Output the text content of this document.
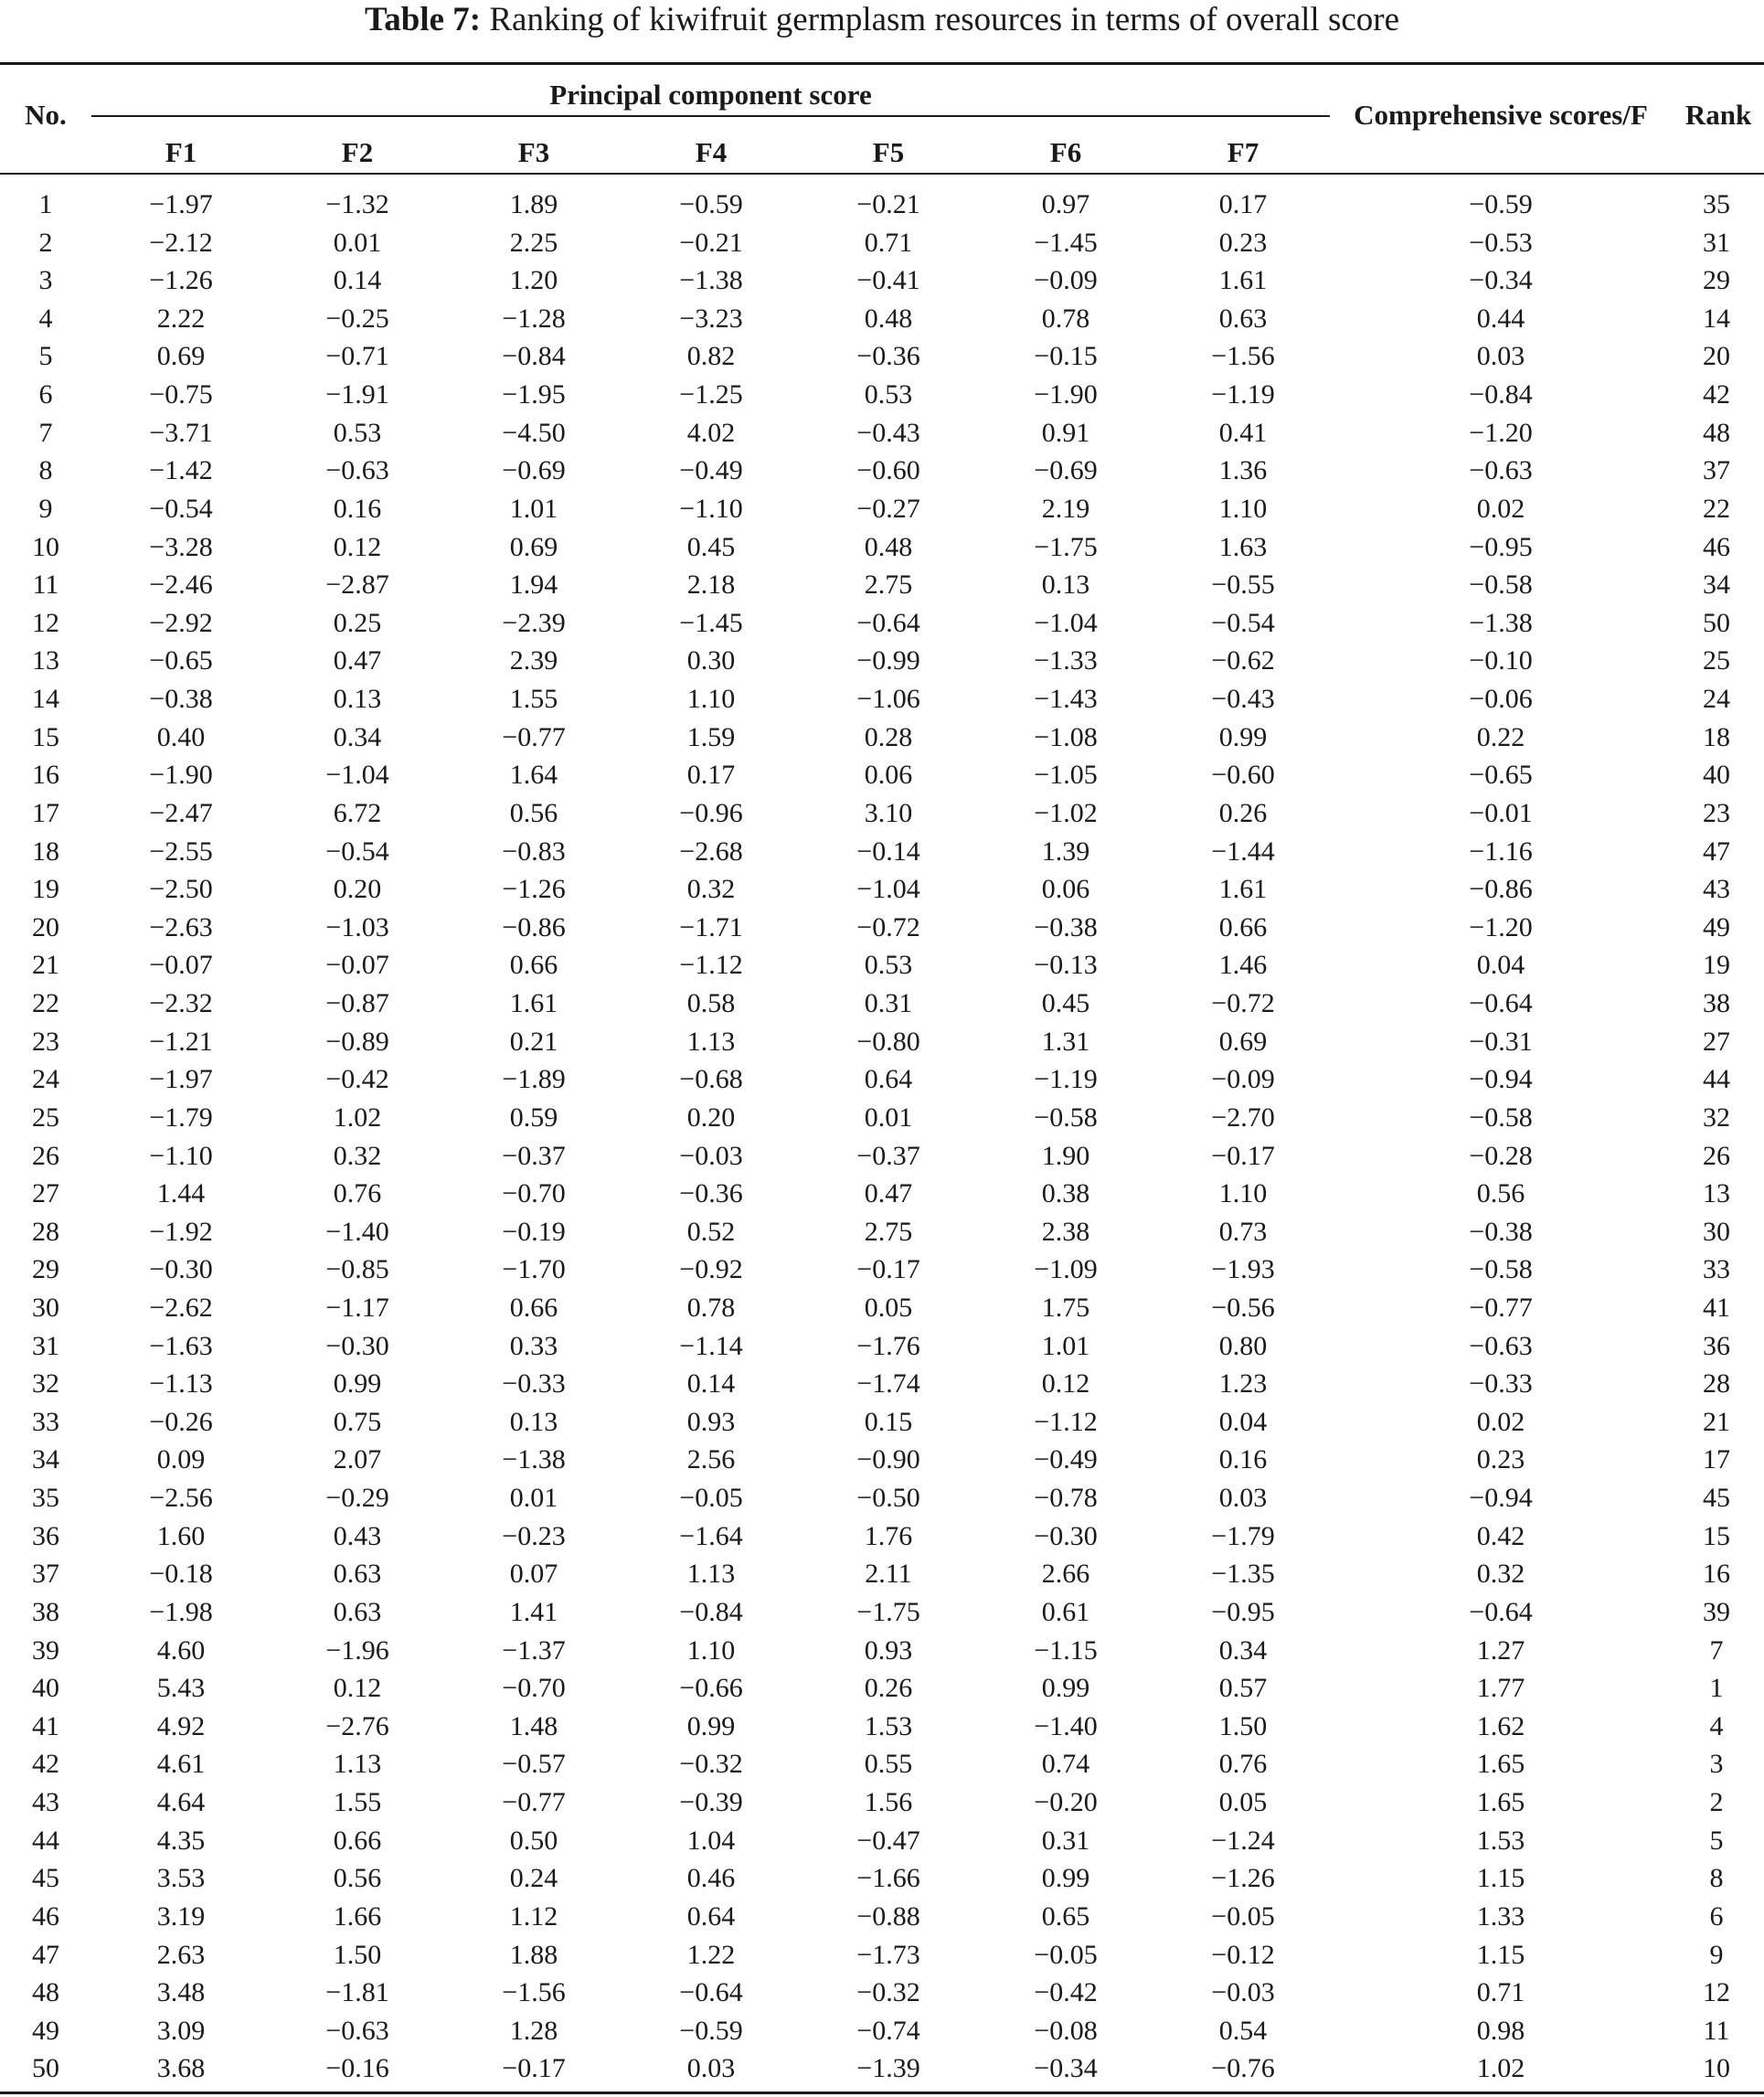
Table 7: Ranking of kiwifruit germplasm resources in terms of overall score
No.
Principal component score
F1	F2	F3	F4	F5	F6	F7
Comprehensive scores/F	Rank
1	−1.97	−1.32	1.89	−0.59	−0.21	0.97	0.17	−0.59	35
2	−2.12	0.01	2.25	−0.21	0.71	−1.45	0.23	−0.53	31
3	−1.26	0.14	1.20	−1.38	−0.41	−0.09	1.61	−0.34	29
4	2.22	−0.25	−1.28	−3.23	0.48	0.78	0.63	0.44	14
5	0.69	−0.71	−0.84	0.82	−0.36	−0.15	−1.56	0.03	20
6	−0.75	−1.91	−1.95	−1.25	0.53	−1.90	−1.19	−0.84	42
7	−3.71	0.53	−4.50	4.02	−0.43	0.91	0.41	−1.20	48
8	−1.42	−0.63	−0.69	−0.49	−0.60	−0.69	1.36	−0.63	37
9	−0.54	0.16	1.01	−1.10	−0.27	2.19	1.10	0.02	22
10	−3.28	0.12	0.69	0.45	0.48	−1.75	1.63	−0.95	46
11	−2.46	−2.87	1.94	2.18	2.75	0.13	−0.55	−0.58	34
12	−2.92	0.25	−2.39	−1.45	−0.64	−1.04	−0.54	−1.38	50
13	−0.65	0.47	2.39	0.30	−0.99	−1.33	−0.62	−0.10	25
14	−0.38	0.13	1.55	1.10	−1.06	−1.43	−0.43	−0.06	24
15	0.40	0.34	−0.77	1.59	0.28	−1.08	0.99	0.22	18
16	−1.90	−1.04	1.64	0.17	0.06	−1.05	−0.60	−0.65	40
17	−2.47	6.72	0.56	−0.96	3.10	−1.02	0.26	−0.01	23
18	−2.55	−0.54	−0.83	−2.68	−0.14	1.39	−1.44	−1.16	47
19	−2.50	0.20	−1.26	0.32	−1.04	0.06	1.61	−0.86	43
20	−2.63	−1.03	−0.86	−1.71	−0.72	−0.38	0.66	−1.20	49
21	−0.07	−0.07	0.66	−1.12	0.53	−0.13	1.46	0.04	19
22	−2.32	−0.87	1.61	0.58	0.31	0.45	−0.72	−0.64	38
23	−1.21	−0.89	0.21	1.13	−0.80	1.31	0.69	−0.31	27
24	−1.97	−0.42	−1.89	−0.68	0.64	−1.19	−0.09	−0.94	44
25	−1.79	1.02	0.59	0.20	0.01	−0.58	−2.70	−0.58	32
26	−1.10	0.32	−0.37	−0.03	−0.37	1.90	−0.17	−0.28	26
27	1.44	0.76	−0.70	−0.36	0.47	0.38	1.10	0.56	13
28	−1.92	−1.40	−0.19	0.52	2.75	2.38	0.73	−0.38	30
29	−0.30	−0.85	−1.70	−0.92	−0.17	−1.09	−1.93	−0.58	33
30	−2.62	−1.17	0.66	0.78	0.05	1.75	−0.56	−0.77	41
31	−1.63	−0.30	0.33	−1.14	−1.76	1.01	0.80	−0.63	36
32	−1.13	0.99	−0.33	0.14	−1.74	0.12	1.23	−0.33	28
33	−0.26	0.75	0.13	0.93	0.15	−1.12	0.04	0.02	21
34	0.09	2.07	−1.38	2.56	−0.90	−0.49	0.16	0.23	17
35	−2.56	−0.29	0.01	−0.05	−0.50	−0.78	0.03	−0.94	45
36	1.60	0.43	−0.23	−1.64	1.76	−0.30	−1.79	0.42	15
37	−0.18	0.63	0.07	1.13	2.11	2.66	−1.35	0.32	16
38	−1.98	0.63	1.41	−0.84	−1.75	0.61	−0.95	−0.64	39
39	4.60	−1.96	−1.37	1.10	0.93	−1.15	0.34	1.27	7
40	5.43	0.12	−0.70	−0.66	0.26	0.99	0.57	1.77	1
41	4.92	−2.76	1.48	0.99	1.53	−1.40	1.50	1.62	4
42	4.61	1.13	−0.57	−0.32	0.55	0.74	0.76	1.65	3
43	4.64	1.55	−0.77	−0.39	1.56	−0.20	0.05	1.65	2
44	4.35	0.66	0.50	1.04	−0.47	0.31	−1.24	1.53	5
45	3.53	0.56	0.24	0.46	−1.66	0.99	−1.26	1.15	8
46	3.19	1.66	1.12	0.64	−0.88	0.65	−0.05	1.33	6
47	2.63	1.50	1.88	1.22	−1.73	−0.05	−0.12	1.15	9
48	3.48	−1.81	−1.56	−0.64	−0.32	−0.42	−0.03	0.71	12
49	3.09	−0.63	1.28	−0.59	−0.74	−0.08	0.54	0.98	11
50	3.68	−0.16	−0.17	0.03	−1.39	−0.34	−0.76	1.02	10
